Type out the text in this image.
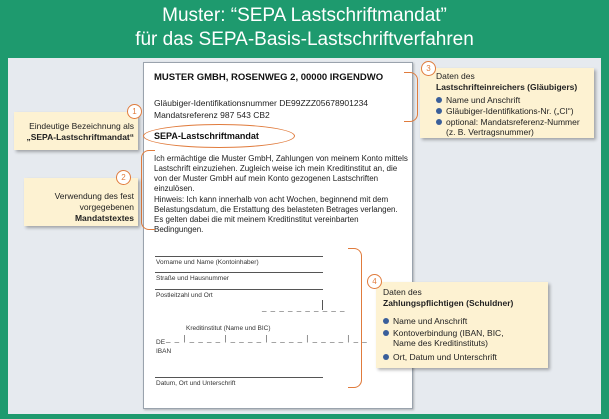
Muster: “SEPA Lastschriftmandat”
für das SEPA-Basis-Lastschriftverfahren
MUSTER GMBH, ROSENWEG 2, 00000 IRGENDWO
Gläubiger-Identifikationsnummer DE99ZZZ05678901234
Mandatsreferenz 987 543 CB2
SEPA-Lastschriftmandat
Ich ermächtige die Muster GmbH, Zahlungen von meinem Konto mittels Lastschrift einzuziehen. Zugleich weise ich mein Kreditinstitut an, die von der Muster GmbH auf mein Konto gezogenen Lastschriften einzulösen.
Hinweis: Ich kann innerhalb von acht Wochen, beginnend mit dem Belastungsdatum, die Erstattung des belasteten Betrages verlangen. Es gelten dabei die mit meinem Kreditinstitut vereinbarten Bedingungen.
Vorname und Name (Kontoinhaber)
Straße und Hausnummer
Postleitzahl und Ort
_ _ _ _ _ _ _ _ _ _
Kreditinstitut (Name und BIC)
DE _ _ | _ _ _ _ | _ _ _ _ | _ _ _ _ | _ _ _ _ | _ _
IBAN
Datum, Ort und Unterschrift
1
Eindeutige Bezeichnung als
„SEPA-Lastschriftmandat“
2
Verwendung des fest
vorgegebenen
Mandatstextes
3
Daten des
Lastschrifteinreichers (Gläubigers)
Name und Anschrift
Gläubiger-Identifikations-Nr. („CI“)
optional: Mandatsreferenz-Nummer
(z. B. Vertragsnummer)
4
Daten des
Zahlungspflichtigen (Schuldner)
Name und Anschrift
Kontoverbindung (IBAN, BIC,
Name des Kreditinstituts)
Ort, Datum und Unterschrift
